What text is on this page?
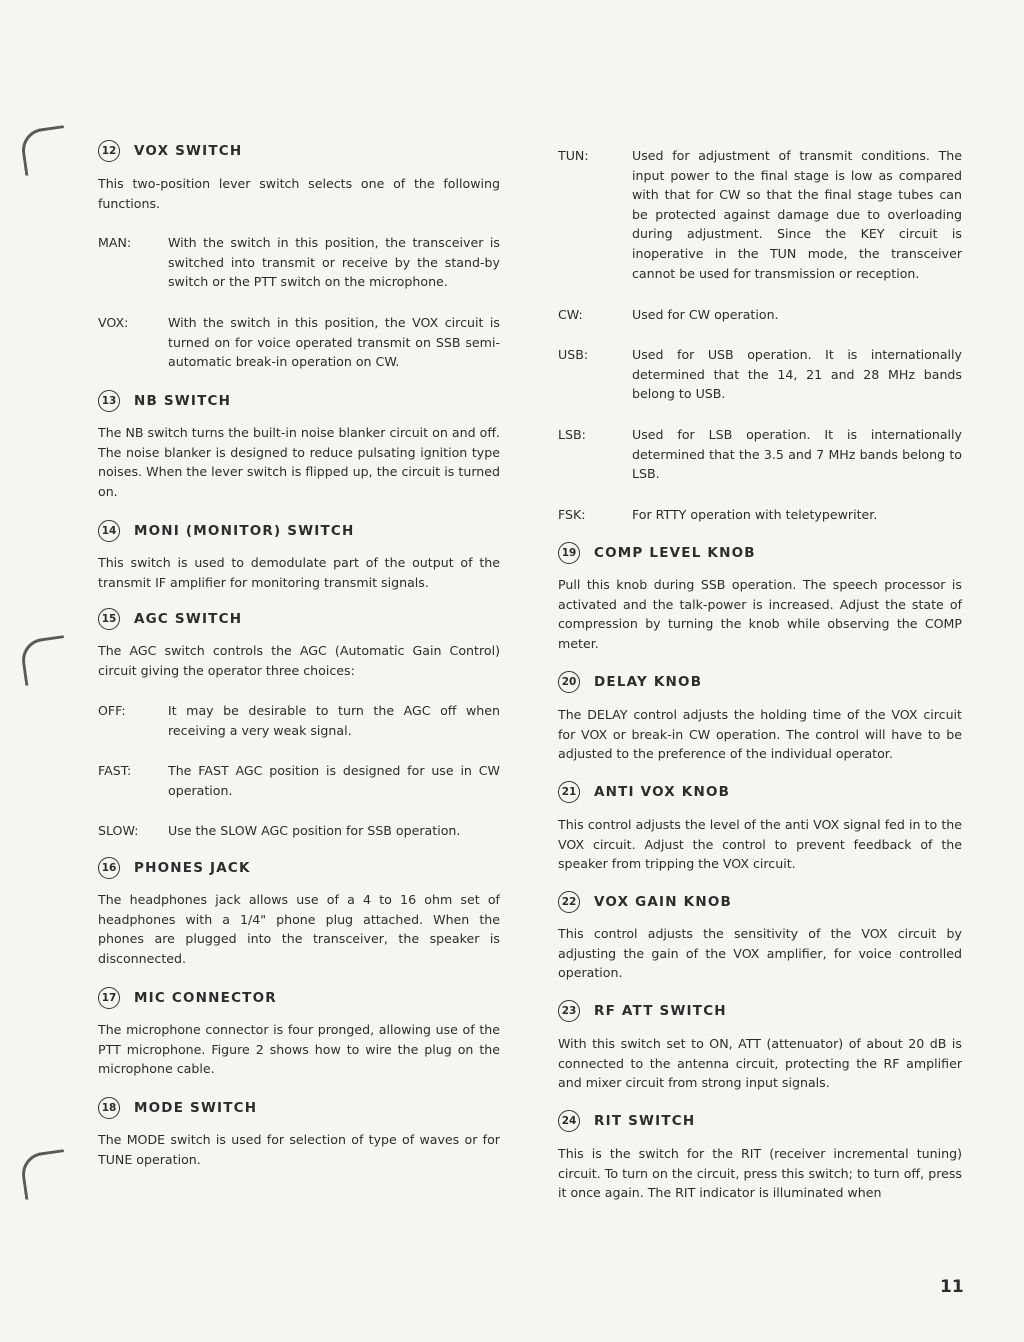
12 VOX SWITCH

This two-position lever switch selects one of the following functions.

MAN:	With the switch in this position, the transceiver is switched into transmit or receive by the stand-by switch or the PTT switch on the microphone.
VOX:	With the switch in this position, the VOX circuit is turned on for voice operated transmit on SSB semi-automatic break-in operation on CW.
13 NB SWITCH

The NB switch turns the built-in noise blanker circuit on and off. The noise blanker is designed to reduce pulsating ignition type noises. When the lever switch is flipped up, the circuit is turned on.

14 MONI (MONITOR) SWITCH

This switch is used to demodulate part of the output of the transmit IF amplifier for monitoring transmit signals.

15 AGC SWITCH

The AGC switch controls the AGC (Automatic Gain Control) circuit giving the operator three choices:

OFF:	It may be desirable to turn the AGC off when receiving a very weak signal.
FAST:	The FAST AGC position is designed for use in CW operation.
SLOW:	Use the SLOW AGC position for SSB operation.
16 PHONES JACK

The headphones jack allows use of a 4 to 16 ohm set of headphones with a 1/4" phone plug attached. When the phones are plugged into the transceiver, the speaker is disconnected.

17 MIC CONNECTOR

The microphone connector is four pronged, allowing use of the PTT microphone. Figure 2 shows how to wire the plug on the microphone cable.

18 MODE SWITCH

The MODE switch is used for selection of type of waves or for TUNE operation.

TUN:	Used for adjustment of transmit conditions. The input power to the final stage is low as compared with that for CW so that the final stage tubes can be protected against damage due to overloading during adjustment. Since the KEY circuit is inoperative in the TUN mode, the transceiver cannot be used for transmission or reception.
CW:	Used for CW operation.
USB:	Used for USB operation. It is internationally determined that the 14, 21 and 28 MHz bands belong to USB.
LSB:	Used for LSB operation. It is internationally determined that the 3.5 and 7 MHz bands belong to LSB.
FSK:	For RTTY operation with teletypewriter.
19 COMP LEVEL KNOB

Pull this knob during SSB operation. The speech processor is activated and the talk-power is increased. Adjust the state of compression by turning the knob while observing the COMP meter.

20 DELAY KNOB

The DELAY control adjusts the holding time of the VOX circuit for VOX or break-in CW operation. The control will have to be adjusted to the preference of the individual operator.

21 ANTI VOX KNOB

This control adjusts the level of the anti VOX signal fed in to the VOX circuit. Adjust the control to prevent feedback of the speaker from tripping the VOX circuit.

22 VOX GAIN KNOB

This control adjusts the sensitivity of the VOX circuit by adjusting the gain of the VOX amplifier, for voice controlled operation.

23 RF ATT SWITCH

With this switch set to ON, ATT (attenuator) of about 20 dB is connected to the antenna circuit, protecting the RF amplifier and mixer circuit from strong input signals.

24 RIT SWITCH

This is the switch for the RIT (receiver incremental tuning) circuit. To turn on the circuit, press this switch; to turn off, press it once again. The RIT indicator is illuminated when

11
